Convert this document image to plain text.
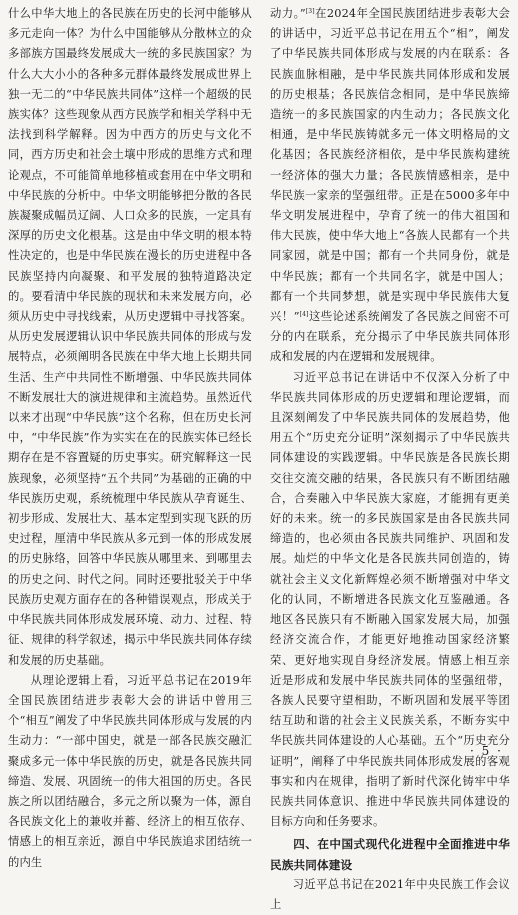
什么中华大地上的各民族在历史的长河中能够从多元走向一体？为什么中国能够从分散林立的众多部族方国最终发展成大一统的多民族国家？为什么大大小小的各种多元群体最终发展成世界上独一无二的“中华民族共同体”这样一个超级的民族实体？这些现象从西方民族学和相关学科中无法找到科学解释。因为中西方的历史与文化不同，西方历史和社会土壤中形成的思维方式和理论观点，不可能简单地移植或套用在中华文明和中华民族的分析中。中华文明能够把分散的各民族凝聚成幅员辽阔、人口众多的民族，一定具有深厚的历史文化根基。这是由中华文明的根本特性决定的，也是中华民族在漫长的历史进程中各民族坚持内向凝聚、和平发展的独特道路决定的。要看清中华民族的现状和未来发展方向，必须从历史中寻找线索，从历史逻辑中寻找答案。从历史发展逻辑认识中华民族共同体的形成与发展特点，必须阐明各民族在中华大地上长期共同生活、生产中共同性不断增强、中华民族共同体不断发展壮大的演进规律和主流趋势。虽然近代以来才出现“中华民族”这个名称，但在历史长河中，“中华民族”作为实实在在的民族实体已经长期存在是不容置疑的历史事实。研究解释这一民族现象，必须坚持“五个共同”为基础的正确的中华民族历史观，系统梳理中华民族从孕育诞生、初步形成、发展壮大、基本定型到实现飞跃的历史过程，厘清中华民族从多元到一体的形成发展的历史脉络，回答中华民族从哪里来、到哪里去的历史之问、时代之问。同时还要批驳关于中华民族历史观方面存在的各种错误观点，形成关于中华民族共同体形成发展环境、动力、过程、特征、规律的科学叙述，揭示中华民族共同体存续和发展的历史基础。

从理论逻辑上看，习近平总书记在2019年全国民族团结进步表彰大会的讲话中曾用三个“相互”阐发了中华民族共同体形成与发展的内生动力：“一部中国史，就是一部各民族交融汇聚成多元一体中华民族的历史，就是各民族共同缔造、发展、巩固统一的伟大祖国的历史。各民族之所以团结融合，多元之所以聚为一体，源自各民族文化上的兼收并蓄、经济上的相互依存、情感上的相互亲近，源自中华民族追求团结统一的内生

动力。”[3]在2024年全国民族团结进步表彰大会的讲话中，习近平总书记在用五个“相”，阐发了中华民族共同体形成与发展的内在联系：各民族血脉相融，是中华民族共同体形成和发展的历史根基；各民族信念相同，是中华民族缔造统一的多民族国家的内生动力；各民族文化相通，是中华民族铸就多元一体文明格局的文化基因；各民族经济相依，是中华民族构建统一经济体的强大力量；各民族情感相亲，是中华民族一家亲的坚强纽带。正是在5000多年中华文明发展进程中，孕育了统一的伟大祖国和伟大民族，使中华大地上“各族人民都有一个共同家园，就是中国；都有一个共同身份，就是中华民族；都有一个共同名字，就是中国人；都有一个共同梦想，就是实现中华民族伟大复兴！”[4]这些论述系统阐发了各民族之间密不可分的内在联系，充分揭示了中华民族共同体形成和发展的内在逻辑和发展规律。

习近平总书记在讲话中不仅深入分析了中华民族共同体形成的历史逻辑和理论逻辑，而且深刻阐发了中华民族共同体的发展趋势，他用五个“历史充分证明”深刻揭示了中华民族共同体建设的实践逻辑。中华民族是各民族长期交往交流交融的结果，各民族只有不断团结融合，合奏融入中华民族大家庭，才能拥有更美好的未来。统一的多民族国家是由各民族共同缔造的，也必须由各民族共同维护、巩固和发展。灿烂的中华文化是各民族共同创造的，铸就社会主义文化新辉煌必须不断增强对中华文化的认同，不断增进各民族文化互鉴融通。各地区各民族只有不断融入国家发展大局，加强经济交流合作，才能更好地推动国家经济繁荣、更好地实现自身经济发展。情感上相互亲近是形成和发展中华民族共同体的坚强纽带，各族人民要守望相助，不断巩固和发展平等团结互助和谐的社会主义民族关系，不断夯实中华民族共同体建设的人心基础。五个“历史充分证明”，阐释了中华民族共同体形成发展的客观事实和内在规律，指明了新时代深化铸牢中华民族共同体意识、推进中华民族共同体建设的目标方向和任务要求。

四、在中国式现代化进程中全面推进中华民族共同体建设

习近平总书记在2021年中央民族工作会议上

· 5 ·
